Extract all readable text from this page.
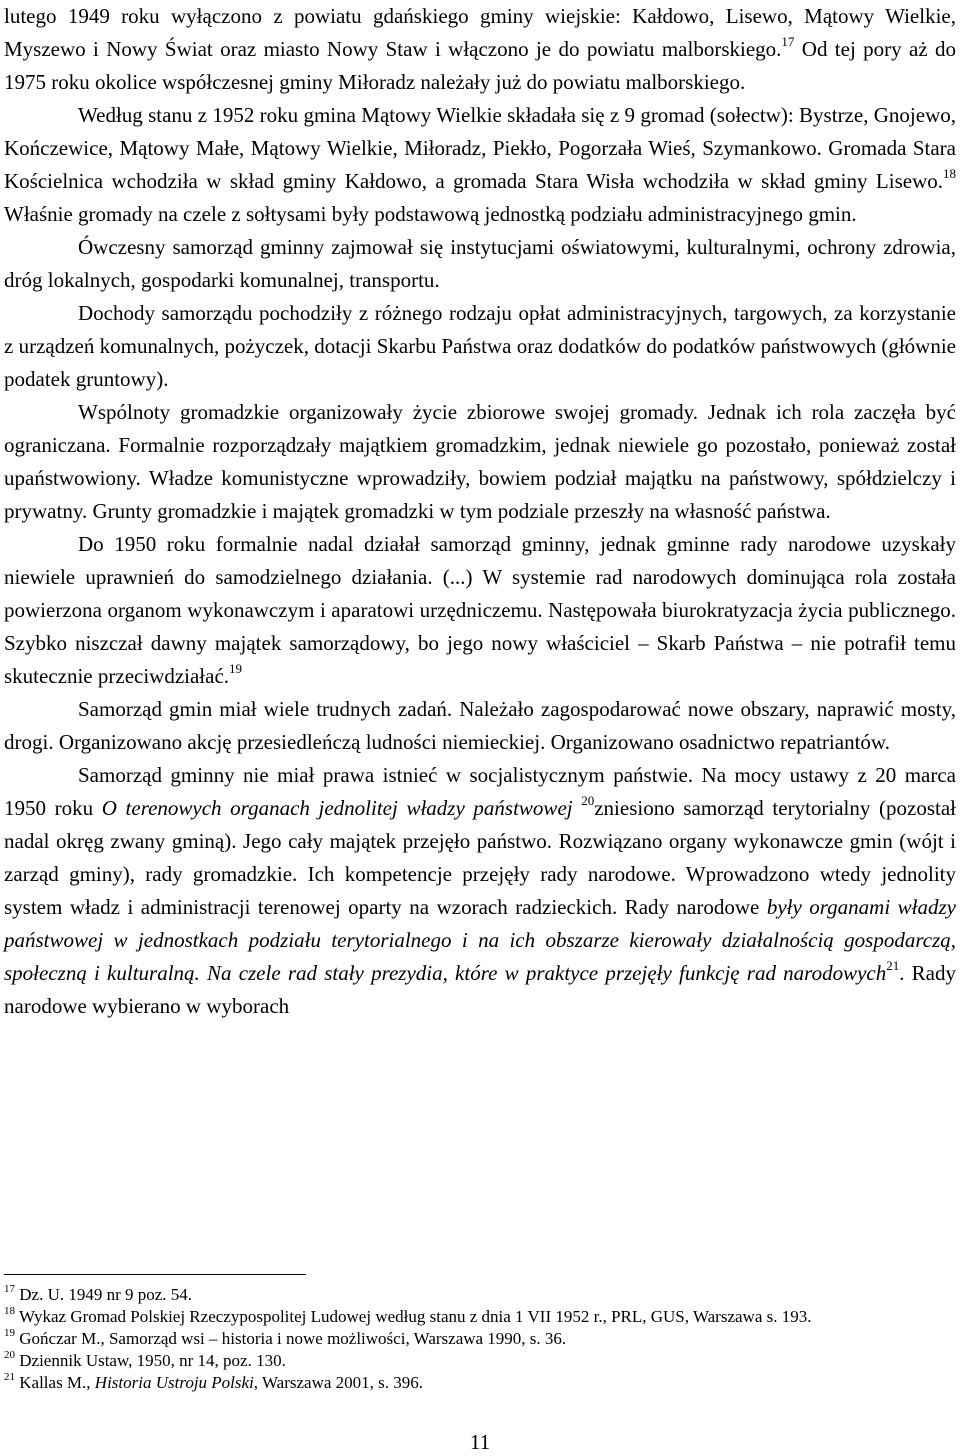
lutego 1949 roku wyłączono z powiatu gdańskiego gminy wiejskie: Kałdowo, Lisewo, Mątowy Wielkie, Myszewo i Nowy Świat oraz miasto Nowy Staw i włączono je do powiatu malborskiego.$^{17}$ Od tej pory aż do 1975 roku okolice współczesnej gminy Miłoradz należały już do powiatu malborskiego.

Według stanu z 1952 roku gmina Mątowy Wielkie składała się z 9 gromad (sołectw): Bystrze, Gnojewo, Kończewice, Mątowy Małe, Mątowy Wielkie, Miłoradz, Piekło, Pogorzała Wieś, Szymankowo. Gromada Stara Kościelnica wchodziła w skład gminy Kałdowo, a gromada Stara Wisła wchodziła w skład gminy Lisewo.$^{18}$ Właśnie gromady na czele z sołtysami były podstawową jednostką podziału administracyjnego gmin.

Ówczesny samorząd gminny zajmował się instytucjami oświatowymi, kulturalnymi, ochrony zdrowia, dróg lokalnych, gospodarki komunalnej, transportu.

Dochody samorządu pochodziły z różnego rodzaju opłat administracyjnych, targowych, za korzystanie z urządzeń komunalnych, pożyczek, dotacji Skarbu Państwa oraz dodatków do podatków państwowych (głównie podatek gruntowy).

Wspólnoty gromadzkie organizowały życie zbiorowe swojej gromady. Jednak ich rola zaczęła być ograniczana. Formalnie rozporządzały majątkiem gromadzkim, jednak niewiele go pozostało, ponieważ został upaństwowiony. Władze komunistyczne wprowadziły, bowiem podział majątku na państwowy, spółdzielczy i prywatny. Grunty gromadzkie i majątek gromadzki w tym podziale przeszły na własność państwa.

Do 1950 roku formalnie nadal działał samorząd gminny, jednak gminne rady narodowe uzyskały niewiele uprawnień do samodzielnego działania. (...) W systemie rad narodowych dominująca rola została powierzona organom wykonawczym i aparatowi urzędniczemu. Następowała biurokratyzacja życia publicznego. Szybko niszczał dawny majątek samorządowy, bo jego nowy właściciel – Skarb Państwa – nie potrafił temu skutecznie przeciwdziałać.$^{19}$

Samorząd gmin miał wiele trudnych zadań. Należało zagospodarować nowe obszary, naprawić mosty, drogi. Organizowano akcję przesiedleńczą ludności niemieckiej. Organizowano osadnictwo repatriantów.

Samorząd gminny nie miał prawa istnieć w socjalistycznym państwie. Na mocy ustawy z 20 marca 1950 roku O terenowych organach jednolitej władzy państwowej $^{20}$zniesiono samorząd terytorialny (pozostał nadal okręg zwany gminą). Jego cały majątek przejęło państwo. Rozwiązano organy wykonawcze gmin (wójt i zarząd gminy), rady gromadzkie. Ich kompetencje przejęły rady narodowe. Wprowadzono wtedy jednolity system władz i administracji terenowej oparty na wzorach radzieckich. Rady narodowe były organami władzy państwowej w jednostkach podziału terytorialnego i na ich obszarze kierowały działalnością gospodarczą, społeczną i kulturalną. Na czele rad stały prezydia, które w praktyce przejęły funkcję rad narodowych$^{21}$. Rady narodowe wybierano w wyborach

$^{17}$ Dz. U. 1949 nr 9 poz. 54.

$^{18}$ Wykaz Gromad Polskiej Rzeczypospolitej Ludowej według stanu z dnia 1 VII 1952 r., PRL, GUS, Warszawa s. 193.

$^{19}$ Gończar M., Samorząd wsi – historia i nowe możliwości, Warszawa 1990, s. 36.

$^{20}$ Dziennik Ustaw, 1950, nr 14, poz. 130.

$^{21}$ Kallas M., Historia Ustroju Polski, Warszawa 2001, s. 396.

11
